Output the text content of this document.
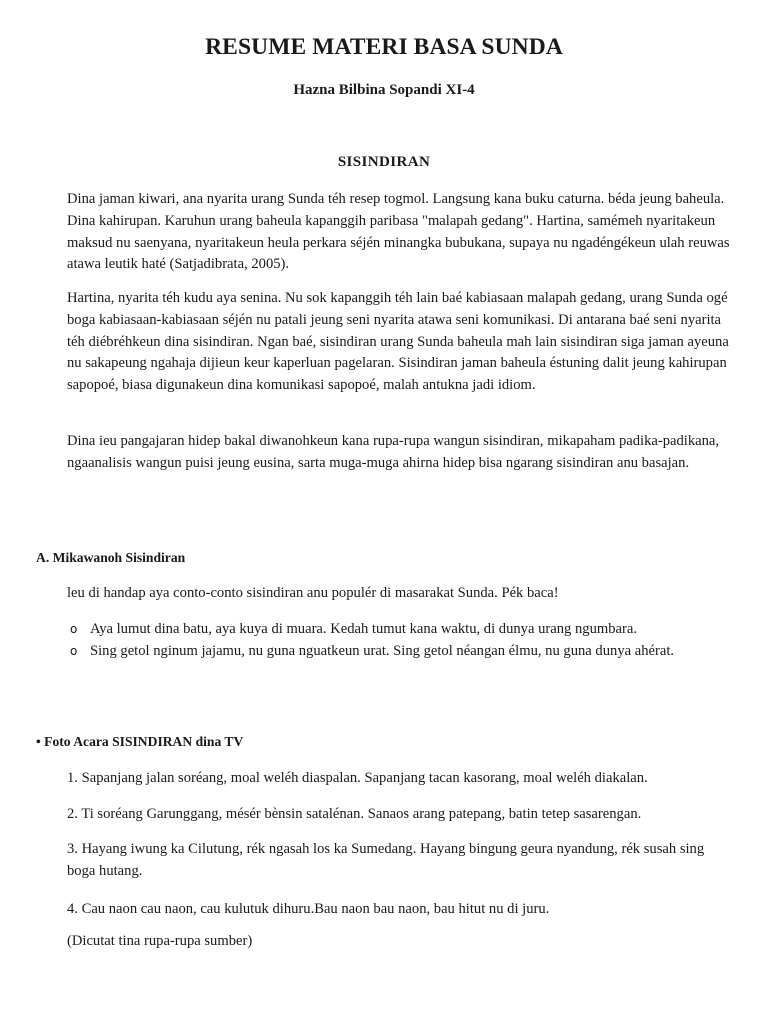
RESUME MATERI BASA SUNDA
Hazna Bilbina Sopandi XI-4
SISINDIRAN

Dina jaman kiwari, ana nyarita urang Sunda téh resep togmol. Langsung kana buku caturna. béda jeung baheula. Dina kahirupan. Karuhun urang baheula kapanggih paribasa "malapah gedang". Hartina, samémeh nyaritakeun maksud nu saenyana, nyaritakeun heula perkara séjén minangka bubukana, supaya nu ngadéngékeun ulah reuwas atawa leutik haté (Satjadibrata, 2005).

Hartina, nyarita téh kudu aya senina. Nu sok kapanggih téh lain baé kabiasaan malapah gedang, urang Sunda ogé boga kabiasaan-kabiasaan séjén nu patali jeung seni nyarita atawa seni komunikasi. Di antarana baé seni nyarita téh diébréhkeun dina sisindiran. Ngan baé, sisindiran urang Sunda baheula mah lain sisindiran siga jaman ayeuna nu sakapeung ngahaja dijieun keur kaperluan pagelaran. Sisindiran jaman baheula éstuning dalit jeung kahirupan sapopoé, biasa digunakeun dina komunikasi sapopoé, malah antukna jadi idiom.

Dina ieu pangajaran hidep bakal diwanohkeun kana rupa-rupa wangun sisindiran, mikapaham padika-padikana, ngaanalisis wangun puisi jeung eusina, sarta muga-muga ahirna hidep bisa ngarang sisindiran anu basajan.

A. Mikawanoh Sisindiran

leu di handap aya conto-conto sisindiran anu populér di masarakat Sunda. Pék baca!

o Aya lumut dina batu, aya kuya di muara. Kedah tumut kana waktu, di dunya urang ngumbara.
o Sing getol nginum jajamu, nu guna nguatkeun urat. Sing getol néangan élmu, nu guna dunya ahérat.
• Foto Acara SISINDIRAN dina TV

1. Sapanjang jalan soréang, moal weléh diaspalan. Sapanjang tacan kasorang, moal weléh diakalan.

2. Ti soréang Garunggang, mésér bènsin satalénan. Sanaos arang patepang, batin tetep sasarengan.

3. Hayang iwung ka Cilutung, rék ngasah los ka Sumedang. Hayang bingung geura nyandung, rék susah sing boga hutang.

4. Cau naon cau naon, cau kulutuk dihuru.Bau naon bau naon, bau hitut nu di juru.

(Dicutat tina rupa-rupa sumber)
